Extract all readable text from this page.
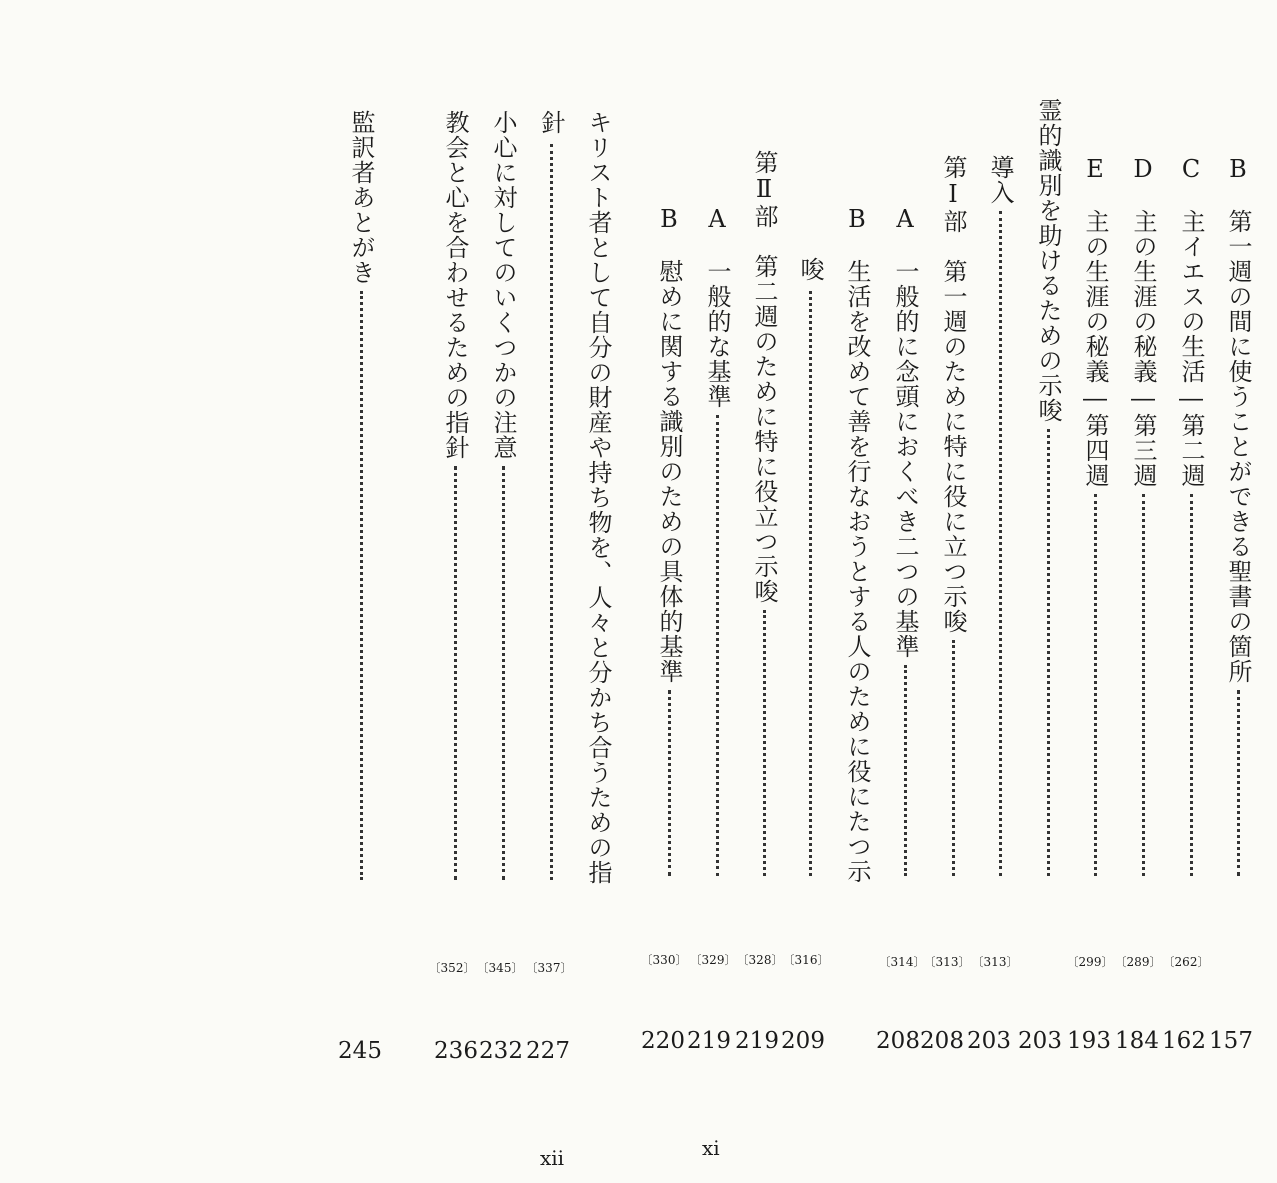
B　第一週の間に使うことができる聖書の箇所
157
C　主イエスの生活―第二週
〔262〕
162
D　主の生涯の秘義―第三週
〔289〕
184
E　主の生涯の秘義―第四週
〔299〕
193
霊的識別を助けるための示唆
203
導入
〔313〕
203
第Ⅰ部　第一週のために特に役に立つ示唆
〔313〕
208
A　一般的に念頭におくべき二つの基準
〔314〕
208
B　生活を改めて善を行なおうとする人のために役にたつ示
唆
〔316〕
209
第Ⅱ部　第二週のために特に役立つ示唆
〔328〕
219
A　一般的な基準
〔329〕
219
B　慰めに関する識別のための具体的基準
〔330〕
220
キリスト者として自分の財産や持ち物を、人々と分かち合うための指
針
〔337〕
227
小心に対してのいくつかの注意
〔345〕
232
教会と心を合わせるための指針
〔352〕
236
監訳者あとがき
245
xii	xi
